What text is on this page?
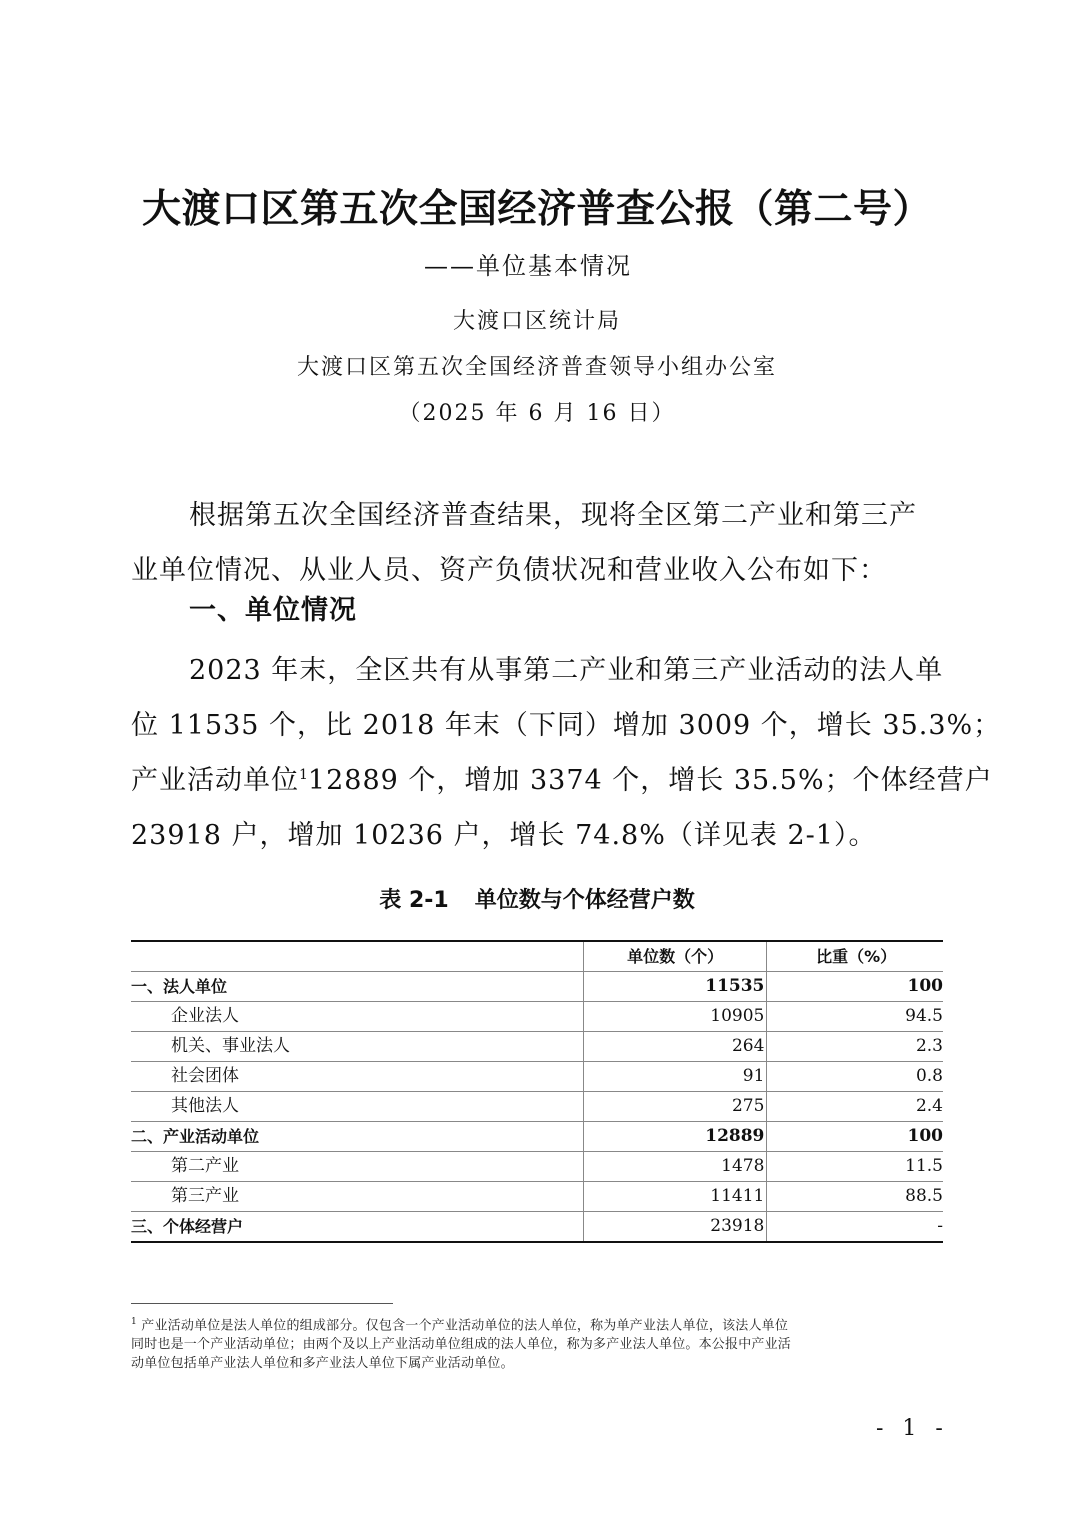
大渡口区第五次全国经济普查公报（第二号）
——单位基本情况
大渡口区统计局
大渡口区第五次全国经济普查领导小组办公室
（2025 年 6 月 16 日）
根据第五次全国经济普查结果，现将全区第二产业和第三产
业单位情况、从业人员、资产负债状况和营业收入公布如下：
一、单位情况
2023 年末，全区共有从事第二产业和第三产业活动的法人单
位 11535 个，比 2018 年末（下同）增加 3009 个，增长 35.3%；
产业活动单位$^1$12889 个，增加 3374 个，增长 35.5%；个体经营户
23918 户，增加 10236 户，增长 74.8%（详见表 2-1）。
表 2-1 单位数与个体经营户数
	单位数（个）	比重（%）
一、法人单位	11535	100
企业法人	10905	94.5
机关、事业法人	264	2.3
社会团体	91	0.8
其他法人	275	2.4
二、产业活动单位	12889	100
第二产业	1478	11.5
第三产业	11411	88.5
三、个体经营户	23918	-
$^1$ 产业活动单位是法人单位的组成部分。仅包含一个产业活动单位的法人单位，称为单产业法人单位，该法人单位
同时也是一个产业活动单位；由两个及以上产业活动单位组成的法人单位，称为多产业法人单位。本公报中产业活
动单位包括单产业法人单位和多产业法人单位下属产业活动单位。
- 1 -
